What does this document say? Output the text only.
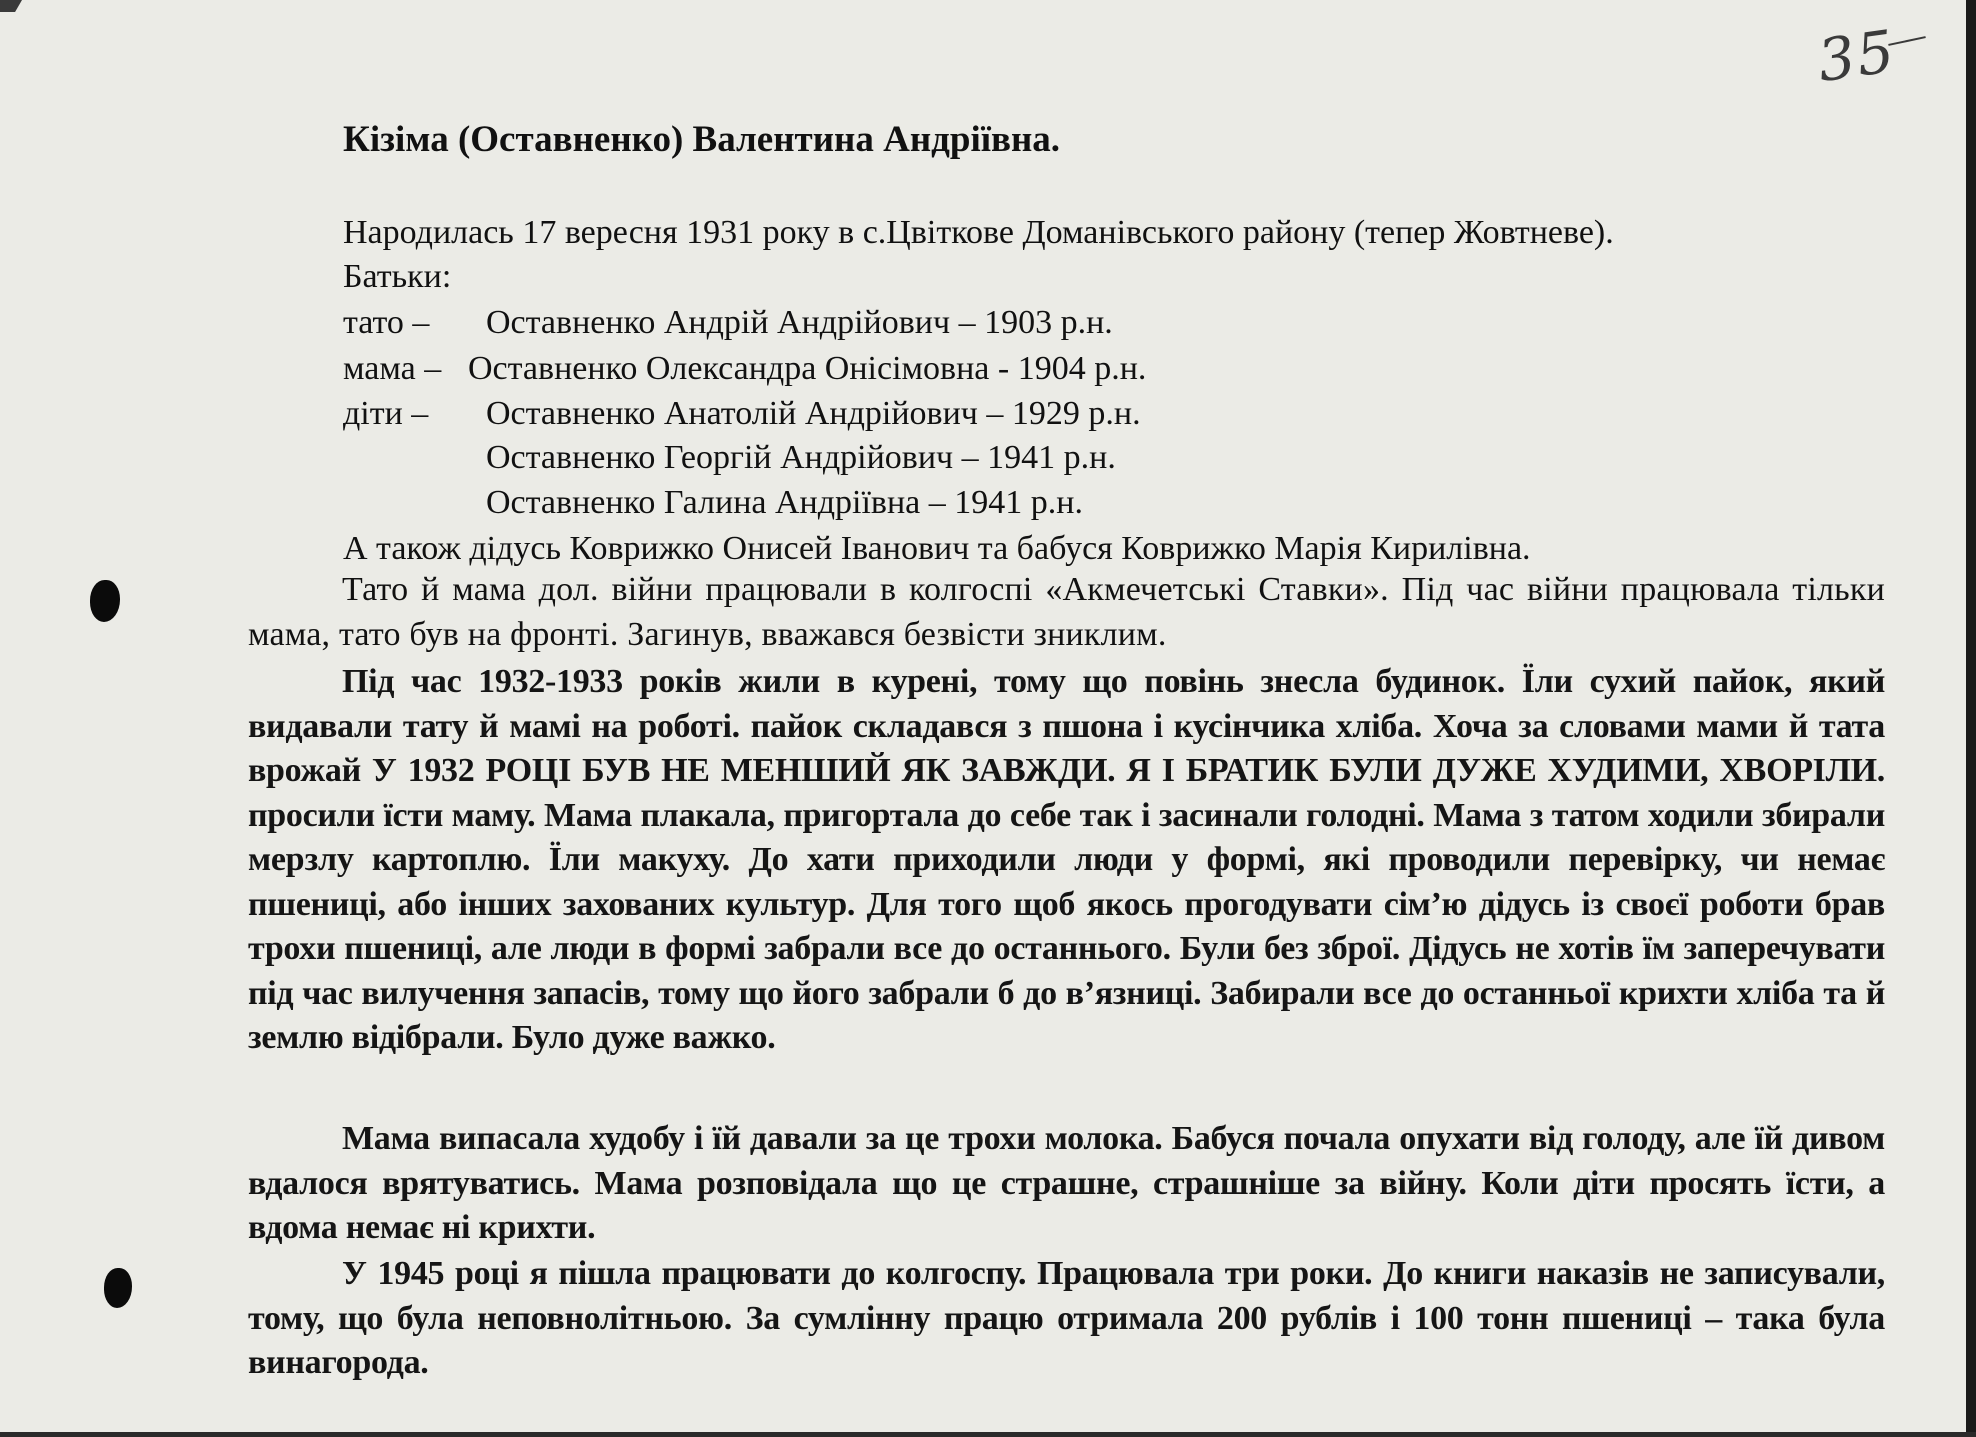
35
Кізіма (Оставненко) Валентина Андріївна.
Народилась 17 вересня 1931 року в с.Цвіткове Доманівського району (тепер Жовтневе).
Батьки:
тато – Оставненко Андрій Андрійович – 1903 р.н.
мама – Оставненко Олександра Онісімовна - 1904 р.н.
діти – Оставненко Анатолій Андрійович – 1929 р.н.
Оставненко Георгій Андрійович – 1941 р.н.
Оставненко Галина Андріївна – 1941 р.н.
А також дідусь Коврижко Онисей Іванович та бабуся Коврижко Марія Кирилівна.
Тато й мама дол. війни працювали в колгоспі «Акмечетські Ставки». Під час війни працювала тільки мама, тато був на фронті. Загинув, вважався безвісти зниклим.
Під час 1932-1933 років жили в курені, тому що повінь знесла будинок. Їли сухий пайок, який видавали тату й мамі на роботі. пайок складався з пшона і кусінчика хліба. Хоча за словами мами й тата врожай У 1932 РОЦІ БУВ НЕ МЕНШИЙ ЯК ЗАВЖДИ. Я І БРАТИК БУЛИ ДУЖЕ ХУДИМИ, ХВОРІЛИ. просили їсти маму. Мама плакала, пригортала до себе так і засинали голодні. Мама з татом ходили збирали мерзлу картоплю. Їли макуху. До хати приходили люди у формі, які проводили перевірку, чи немає пшениці, або інших захованих культур. Для того щоб якось прогодувати сім’ю дідусь із своєї роботи брав трохи пшениці, але люди в формі забрали все до останнього. Були без зброї. Дідусь не хотів їм заперечувати під час вилучення запасів, тому що його забрали б до в’язниці. Забирали все до останньої крихти хліба та й землю відібрали. Було дуже важко.
Мама випасала худобу і їй давали за це трохи молока. Бабуся почала опухати від голоду, але їй дивом вдалося врятуватись. Мама розповідала що це страшне, страшніше за війну. Коли діти просять їсти, а вдома немає ні крихти.
У 1945 році я пішла працювати до колгоспу. Працювала три роки. До книги наказів не записували, тому, що була неповнолітньою. За сумлінну працю отримала 200 рублів і 100 тонн пшениці – така була винагорода.
